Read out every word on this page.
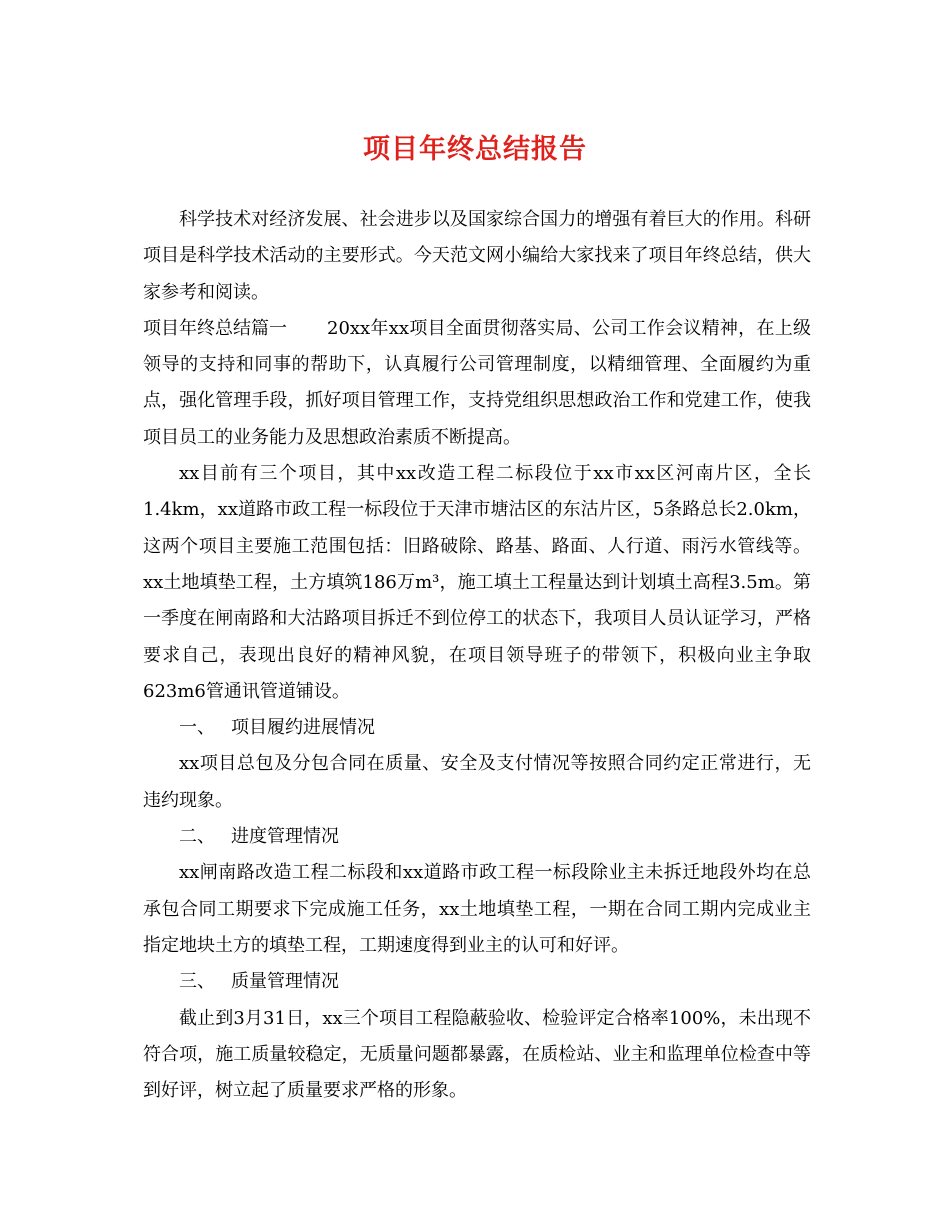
项目年终总结报告

科学技术对经济发展、社会进步以及国家综合国力的增强有着巨大的作用。科研项目是科学技术活动的主要形式。今天范文网小编给大家找来了项目年终总结，供大家参考和阅读。

项目年终总结篇一 20xx年xx项目全面贯彻落实局、公司工作会议精神，在上级领导的支持和同事的帮助下，认真履行公司管理制度，以精细管理、全面履约为重点，强化管理手段，抓好项目管理工作，支持党组织思想政治工作和党建工作，使我项目员工的业务能力及思想政治素质不断提高。

xx目前有三个项目，其中xx改造工程二标段位于xx市xx区河南片区，全长1.4km，xx道路市政工程一标段位于天津市塘沽区的东沽片区，5条路总长2.0km，这两个项目主要施工范围包括：旧路破除、路基、路面、人行道、雨污水管线等。xx土地填垫工程，土方填筑186万m³，施工填土工程量达到计划填土高程3.5m。第一季度在闸南路和大沽路项目拆迁不到位停工的状态下，我项目人员认证学习，严格要求自己，表现出良好的精神风貌，在项目领导班子的带领下，积极向业主争取623m6管通讯管道铺设。

一、 项目履约进展情况

xx项目总包及分包合同在质量、安全及支付情况等按照合同约定正常进行，无违约现象。

二、 进度管理情况

xx闸南路改造工程二标段和xx道路市政工程一标段除业主未拆迁地段外均在总承包合同工期要求下完成施工任务，xx土地填垫工程，一期在合同工期内完成业主指定地块土方的填垫工程，工期速度得到业主的认可和好评。

三、 质量管理情况

截止到3月31日，xx三个项目工程隐蔽验收、检验评定合格率100%，未出现不符合项，施工质量较稳定，无质量问题都暴露，在质检站、业主和监理单位检查中等到好评，树立起了质量要求严格的形象。
